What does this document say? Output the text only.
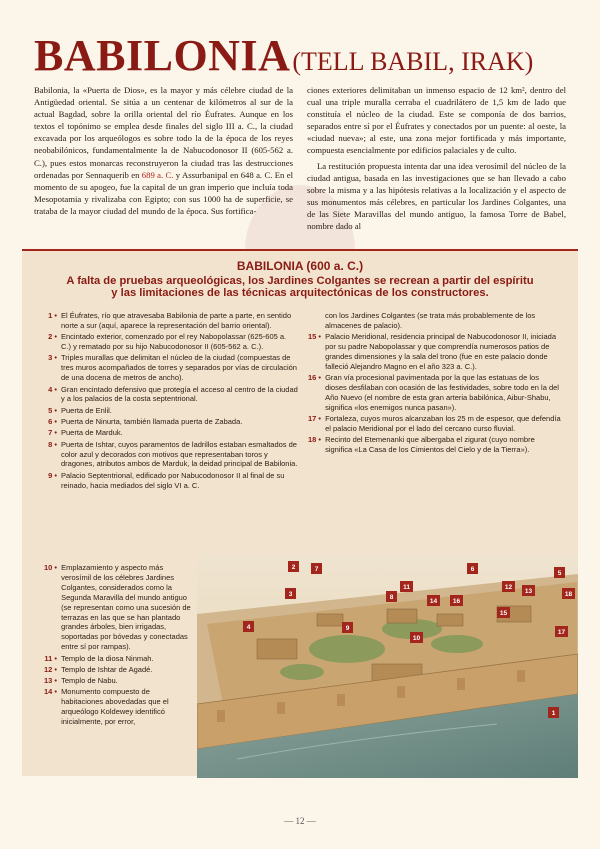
BABILONIA(TELL BABIL, IRAK)

Babilonia, la «Puerta de Dios», es la mayor y más célebre ciudad de la Antigüedad oriental. Se sitúa a un centenar de kilómetros al sur de la actual Bagdad, sobre la orilla oriental del río Éufrates. Aunque en los textos el topónimo se emplea desde finales del siglo III a. C., la ciudad excavada por los arqueólogos es sobre todo la de la época de los reyes neobabilónicos, fundamentalmente la de Nabucodonosor II (605-562 a. C.), pues estos monarcas reconstruyeron la ciudad tras las destrucciones ordenadas por Sennaquerib en 689 a. C. y Assurbanipal en 648 a. C. En el momento de su apogeo, fue la capital de un gran imperio que incluía toda Mesopotamia y rivalizaba con Egipto; con sus 1000 ha de superficie, se trataba de la mayor ciudad del mundo de la época. Sus fortifica-

ciones exteriores delimitaban un inmenso espacio de 12 km², dentro del cual una triple muralla cerraba el cuadrilátero de 1,5 km de lado que constituía el núcleo de la ciudad. Este se componía de dos barrios, separados entre sí por el Éufrates y conectados por un puente: al oeste, la «ciudad nueva»; al este, una zona mejor fortificada y más importante, compuesta esencialmente por edificios palaciales y de culto.

La restitución propuesta intenta dar una idea verosímil del núcleo de la ciudad antigua, basada en las investigaciones que se han llevado a cabo sobre la misma y a las hipótesis relativas a la localización y el aspecto de sus monumentos más célebres, en particular los Jardines Colgantes, una de las Siete Maravillas del mundo antiguo, la famosa Torre de Babel, nombre dado al

BABILONIA (600 a. C.)
A falta de pruebas arqueológicas, los Jardines Colgantes se recrean a partir del espíritu
y las limitaciones de las técnicas arquitectónicas de los constructores.
1 • El Éufrates, río que atravesaba Babilonia de parte a parte, en sentido norte a sur (aquí, aparece la representación del barrio oriental).
2 • Encintado exterior, comenzado por el rey Nabopolassar (625-605 a. C.) y rematado por su hijo Nabucodonosor II (605-562 a. C.).
3 • Triples murallas que delimitan el núcleo de la ciudad (compuestas de tres muros acompañados de torres y separados por vías de circulación de una docena de metros de ancho).
4 • Gran encintado defensivo que protegía el acceso al centro de la ciudad y a los palacios de la costa septentrional.
5 • Puerta de Enlil.
6 • Puerta de Ninurta, también llamada puerta de Zabada.
7 • Puerta de Marduk.
8 • Puerta de Ishtar, cuyos paramentos de ladrillos estaban esmaltados de color azul y decorados con motivos que representaban toros y dragones, atributos ambos de Marduk, la deidad principal de Babilonia.
9 • Palacio Septentrional, edificado por Nabucodonosor II al final de su reinado, hacia mediados del siglo VI a. C.
con los Jardines Colgantes (se trata más probablemente de los almacenes de palacio).
15 • Palacio Meridional, residencia principal de Nabucodonosor II, iniciada por su padre Nabopolassar y que comprendía numerosos patios de grandes dimensiones y la sala del trono (fue en este palacio donde falleció Alejandro Magno en el año 323 a. C.).
16 • Gran vía procesional pavimentada por la que las estatuas de los dioses desfilaban con ocasión de las festividades, sobre todo en la del Año Nuevo (el nombre de esta gran arteria babilónica, Aibur-Shabu, significa «los enemigos nunca pasan»).
17 • Fortaleza, cuyos muros alcanzaban los 25 m de espesor, que defendía el palacio Meridional por el lado del cercano curso fluvial.
18 • Recinto del Etemenanki que albergaba el zigurat (cuyo nombre significa «La Casa de los Cimientos del Cielo y de la Tierra»).
10 • Emplazamiento y aspecto más verosímil de los célebres Jardines Colgantes, considerados como la Segunda Maravilla del mundo antiguo (se representan como una sucesión de terrazas en las que se han plantado grandes árboles, bien irrigadas, soportadas por bóvedas y conectadas entre sí por rampas).
11 • Templo de la diosa Ninmah.
12 • Templo de Ishtar de Agadé.
13 • Templo de Nabu.
14 • Monumento compuesto de habitaciones abovedadas que el arqueólogo Koldewey identificó inicialmente, por error,
1
2
3
4
5
6
7
8
9
10
11	12
13
14
15
16
17
18
— 12 —
